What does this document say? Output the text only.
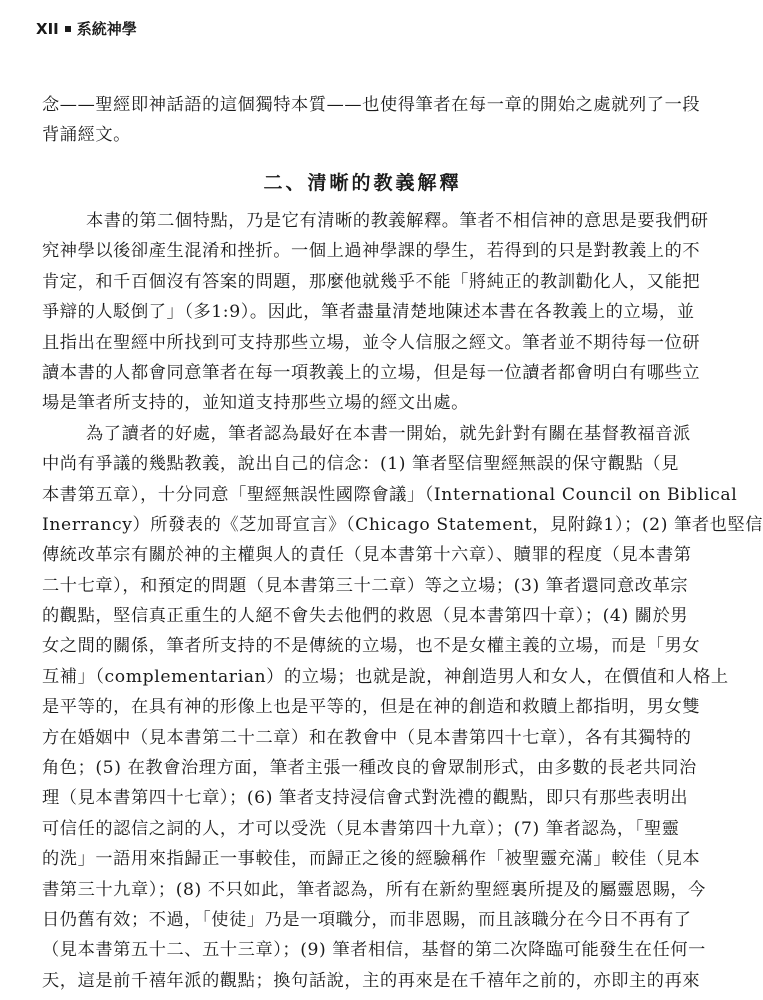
XII 系統神學
念——聖經即神話語的這個獨特本質——也使得筆者在每一章的開始之處就列了一段
背誦經文。
二、清晰的教義解釋
本書的第二個特點，乃是它有清晰的教義解釋。筆者不相信神的意思是要我們研
究神學以後卻產生混淆和挫折。一個上過神學課的學生，若得到的只是對教義上的不
肯定，和千百個沒有答案的問題，那麼他就幾乎不能「將純正的教訓勸化人，又能把
爭辯的人駁倒了」（多1:9）。因此，筆者盡量清楚地陳述本書在各教義上的立場，並
且指出在聖經中所找到可支持那些立場，並令人信服之經文。筆者並不期待每一位研
讀本書的人都會同意筆者在每一項教義上的立場，但是每一位讀者都會明白有哪些立
場是筆者所支持的，並知道支持那些立場的經文出處。
為了讀者的好處，筆者認為最好在本書一開始，就先針對有關在基督教福音派
中尚有爭議的幾點教義，說出自己的信念：(1) 筆者堅信聖經無誤的保守觀點（見
本書第五章），十分同意「聖經無誤性國際會議」（International Council on Biblical
Inerrancy）所發表的《芝加哥宣言》（Chicago Statement，見附錄1）；(2) 筆者也堅信
傳統改革宗有關於神的主權與人的責任（見本書第十六章）、贖罪的程度（見本書第
二十七章），和預定的問題（見本書第三十二章）等之立場；(3) 筆者還同意改革宗
的觀點，堅信真正重生的人絕不會失去他們的救恩（見本書第四十章）；(4) 關於男
女之間的關係，筆者所支持的不是傳統的立場，也不是女權主義的立場，而是「男女
互補」（complementarian）的立場；也就是說，神創造男人和女人，在價值和人格上
是平等的，在具有神的形像上也是平等的，但是在神的創造和救贖上都指明，男女雙
方在婚姻中（見本書第二十二章）和在教會中（見本書第四十七章），各有其獨特的
角色；(5) 在教會治理方面，筆者主張一種改良的會眾制形式，由多數的長老共同治
理（見本書第四十七章）；(6) 筆者支持浸信會式對洗禮的觀點，即只有那些表明出
可信任的認信之詞的人，才可以受洗（見本書第四十九章）；(7) 筆者認為，「聖靈
的洗」一語用來指歸正一事較佳，而歸正之後的經驗稱作「被聖靈充滿」較佳（見本
書第三十九章）；(8) 不只如此，筆者認為，所有在新約聖經裏所提及的屬靈恩賜，今
日仍舊有效；不過，「使徒」乃是一項職分，而非恩賜，而且該職分在今日不再有了
（見本書第五十二、五十三章）；(9) 筆者相信，基督的第二次降臨可能發生在任何一
天，這是前千禧年派的觀點；換句話說，主的再來是在千禧年之前的，亦即主的再來
